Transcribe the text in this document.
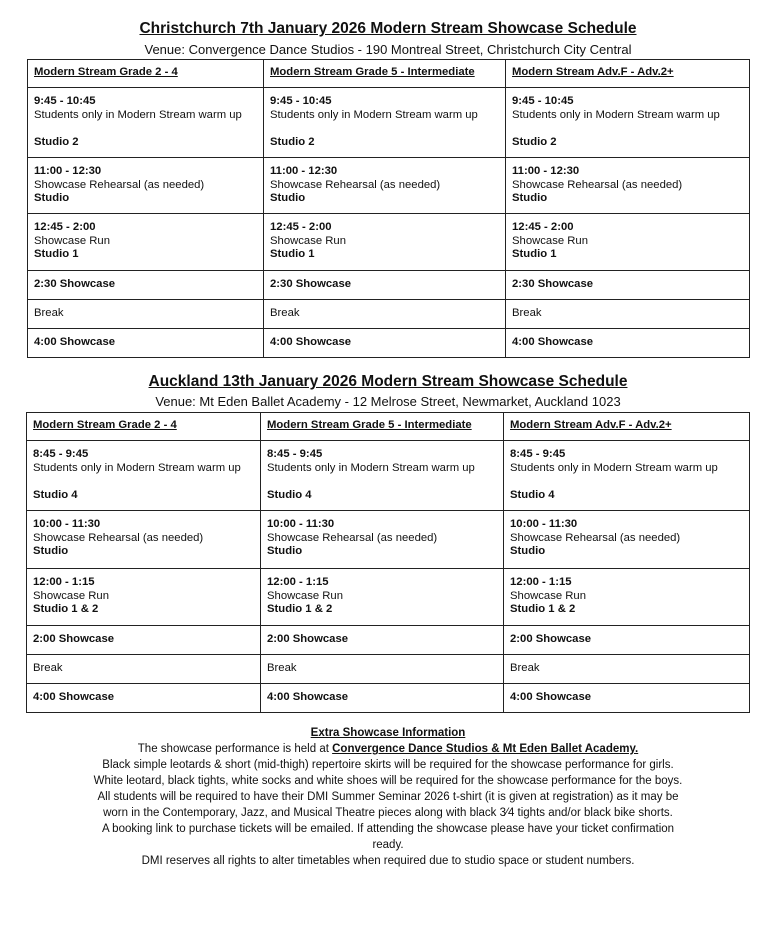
Christchurch 7th January 2026 Modern Stream Showcase Schedule
Venue: Convergence Dance Studios - 190 Montreal Street, Christchurch City Central
Modern Stream Grade 2 - 4	Modern Stream Grade 5 - Intermediate	Modern Stream Adv.F - Adv.2+

9:45 - 10:45
Students only in Modern Stream warm up
Studio 2	9:45 - 10:45
Students only in Modern Stream warm up
Studio 2	9:45 - 10:45
Students only in Modern Stream warm up
Studio 2

11:00 - 12:30
Showcase Rehearsal (as needed)
Studio	11:00 - 12:30
Showcase Rehearsal (as needed)
Studio	11:00 - 12:30
Showcase Rehearsal (as needed)
Studio

12:45 - 2:00
Showcase Run
Studio 1	12:45 - 2:00
Showcase Run
Studio 1	12:45 - 2:00
Showcase Run
Studio 1

2:30 Showcase	2:30 Showcase	2:30 Showcase

Break	Break	Break

4:00 Showcase	4:00 Showcase	4:00 Showcase
Auckland 13th January 2026 Modern Stream Showcase Schedule
Venue: Mt Eden Ballet Academy - 12 Melrose Street, Newmarket, Auckland 1023
Modern Stream Grade 2 - 4	Modern Stream Grade 5 - Intermediate	Modern Stream Adv.F - Adv.2+

8:45 - 9:45
Students only in Modern Stream warm up
Studio 4	8:45 - 9:45
Students only in Modern Stream warm up
Studio 4	8:45 - 9:45
Students only in Modern Stream warm up
Studio 4

10:00 - 11:30
Showcase Rehearsal (as needed)
Studio	10:00 - 11:30
Showcase Rehearsal (as needed)
Studio	10:00 - 11:30
Showcase Rehearsal (as needed)
Studio

12:00 - 1:15
Showcase Run
Studio 1 & 2	12:00 - 1:15
Showcase Run
Studio 1 & 2	12:00 - 1:15
Showcase Run
Studio 1 & 2

2:00 Showcase	2:00 Showcase	2:00 Showcase

Break	Break	Break

4:00 Showcase	4:00 Showcase	4:00 Showcase
Extra Showcase Information
The showcase performance is held at Convergence Dance Studios & Mt Eden Ballet Academy.
Black simple leotards & short (mid-thigh) repertoire skirts will be required for the showcase performance for girls.
White leotard, black tights, white socks and white shoes will be required for the showcase performance for the boys.
All students will be required to have their DMI Summer Seminar 2026 t-shirt (it is given at registration) as it may be
worn in the Contemporary, Jazz, and Musical Theatre pieces along with black 3⁄4 tights and/or black bike shorts.
A booking link to purchase tickets will be emailed. If attending the showcase please have your ticket confirmation
ready.
DMI reserves all rights to alter timetables when required due to studio space or student numbers.
